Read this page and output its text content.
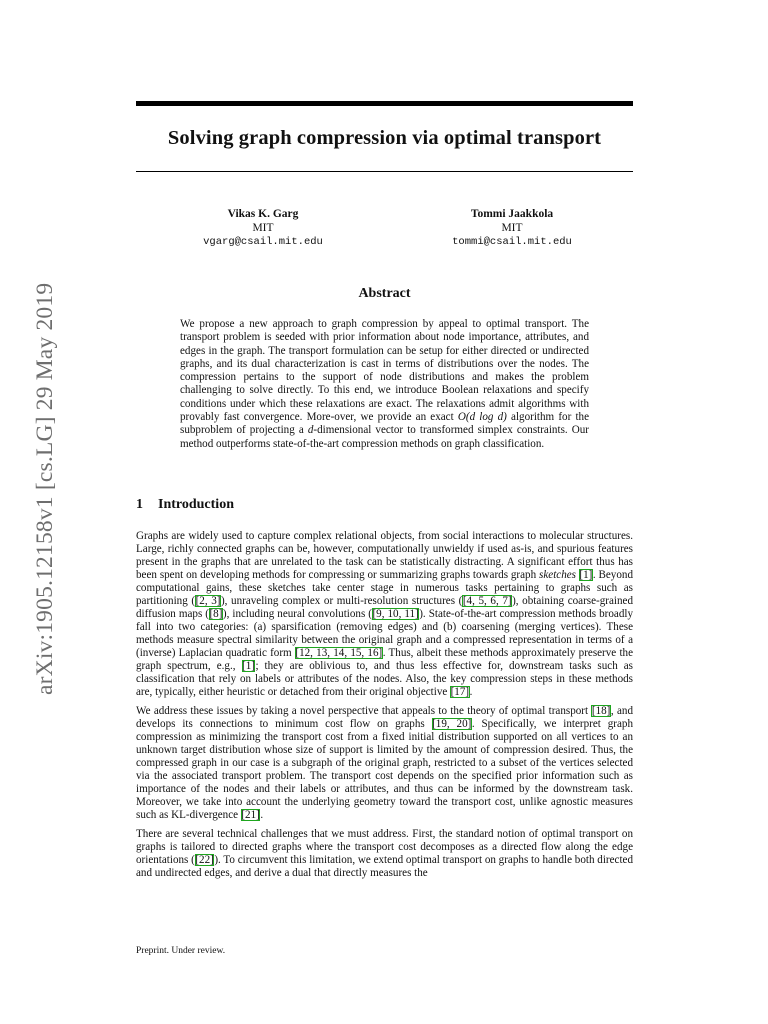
arXiv:1905.12158v1 [cs.LG] 29 May 2019
Solving graph compression via optimal transport
Vikas K. Garg
MIT
vgarg@csail.mit.edu
Tommi Jaakkola
MIT
tommi@csail.mit.edu
Abstract

We propose a new approach to graph compression by appeal to optimal transport. The transport problem is seeded with prior information about node importance, attributes, and edges in the graph. The transport formulation can be setup for either directed or undirected graphs, and its dual characterization is cast in terms of distributions over the nodes. The compression pertains to the support of node distributions and makes the problem challenging to solve directly. To this end, we introduce Boolean relaxations and specify conditions under which these relaxations are exact. The relaxations admit algorithms with provably fast convergence. More-over, we provide an exact O(d log d) algorithm for the subproblem of projecting a d-dimensional vector to transformed simplex constraints. Our method outperforms state-of-the-art compression methods on graph classification.

1 Introduction

Graphs are widely used to capture complex relational objects, from social interactions to molecular structures. Large, richly connected graphs can be, however, computationally unwieldy if used as-is, and spurious features present in the graphs that are unrelated to the task can be statistically distracting. A significant effort thus has been spent on developing methods for compressing or summarizing graphs towards graph sketches [1]. Beyond computational gains, these sketches take center stage in numerous tasks pertaining to graphs such as partitioning ([2, 3]), unraveling complex or multi-resolution structures ([4, 5, 6, 7]), obtaining coarse-grained diffusion maps ([8]), including neural convolutions ([9, 10, 11]). State-of-the-art compression methods broadly fall into two categories: (a) sparsification (removing edges) and (b) coarsening (merging vertices). These methods measure spectral similarity between the original graph and a compressed representation in terms of a (inverse) Laplacian quadratic form [12, 13, 14, 15, 16]. Thus, albeit these methods approximately preserve the graph spectrum, e.g., [1]; they are oblivious to, and thus less effective for, downstream tasks such as classification that rely on labels or attributes of the nodes. Also, the key compression steps in these methods are, typically, either heuristic or detached from their original objective [17].

We address these issues by taking a novel perspective that appeals to the theory of optimal transport [18], and develops its connections to minimum cost flow on graphs [19, 20]. Specifically, we interpret graph compression as minimizing the transport cost from a fixed initial distribution supported on all vertices to an unknown target distribution whose size of support is limited by the amount of compression desired. Thus, the compressed graph in our case is a subgraph of the original graph, restricted to a subset of the vertices selected via the associated transport problem. The transport cost depends on the specified prior information such as importance of the nodes and their labels or attributes, and thus can be informed by the downstream task. Moreover, we take into account the underlying geometry toward the transport cost, unlike agnostic measures such as KL-divergence [21].

There are several technical challenges that we must address. First, the standard notion of optimal transport on graphs is tailored to directed graphs where the transport cost decomposes as a directed flow along the edge orientations ([22]). To circumvent this limitation, we extend optimal transport on graphs to handle both directed and undirected edges, and derive a dual that directly measures the

Preprint. Under review.
